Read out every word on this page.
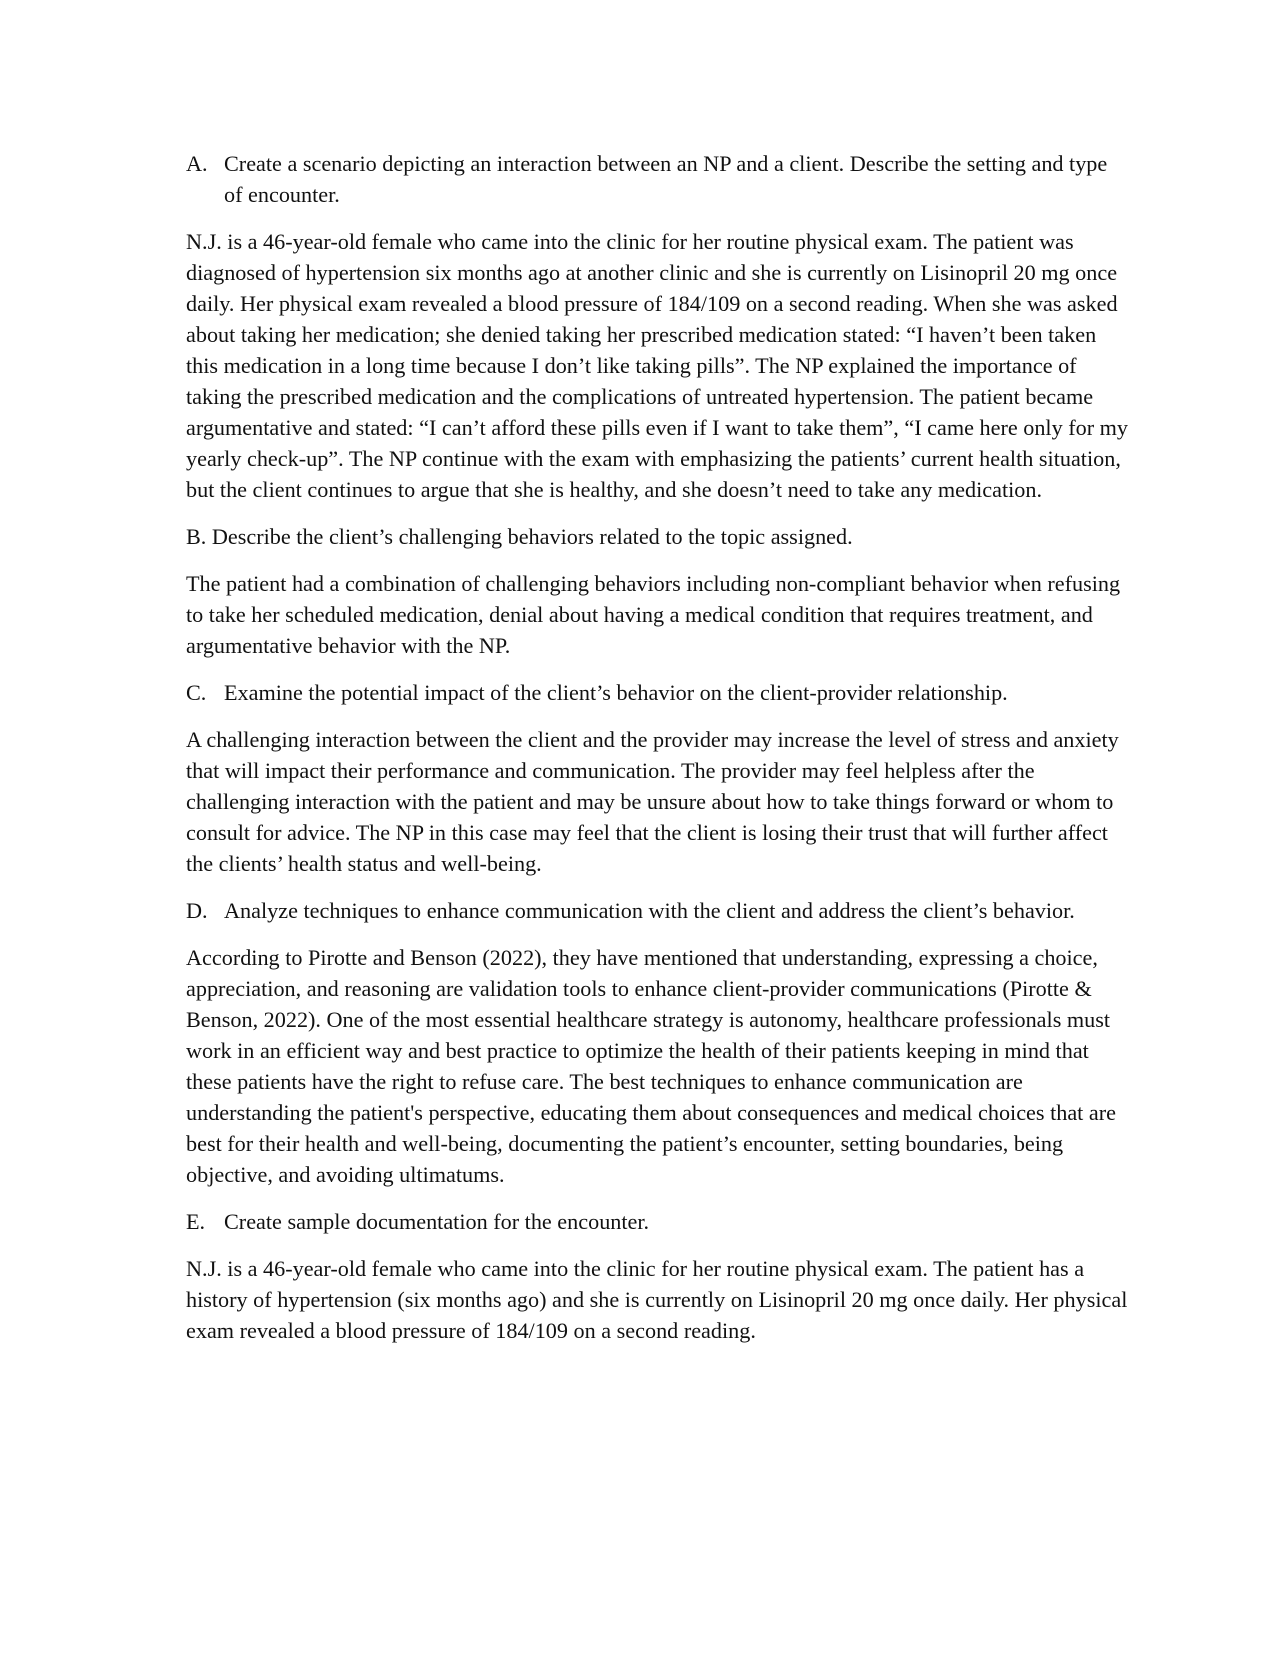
A. Create a scenario depicting an interaction between an NP and a client. Describe the setting and type of encounter.

N.J. is a 46-year-old female who came into the clinic for her routine physical exam. The patient was diagnosed of hypertension six months ago at another clinic and she is currently on Lisinopril 20 mg once daily. Her physical exam revealed a blood pressure of 184/109 on a second reading. When she was asked about taking her medication; she denied taking her prescribed medication stated: “I haven’t been taken this medication in a long time because I don’t like taking pills”. The NP explained the importance of taking the prescribed medication and the complications of untreated hypertension. The patient became argumentative and stated: “I can’t afford these pills even if I want to take them”, “I came here only for my yearly check-up”. The NP continue with the exam with emphasizing the patients’ current health situation, but the client continues to argue that she is healthy, and she doesn’t need to take any medication.

B. Describe the client’s challenging behaviors related to the topic assigned.

The patient had a combination of challenging behaviors including non-compliant behavior when refusing to take her scheduled medication, denial about having a medical condition that requires treatment, and argumentative behavior with the NP.

C. Examine the potential impact of the client’s behavior on the client-provider relationship.

A challenging interaction between the client and the provider may increase the level of stress and anxiety that will impact their performance and communication. The provider may feel helpless after the challenging interaction with the patient and may be unsure about how to take things forward or whom to consult for advice. The NP in this case may feel that the client is losing their trust that will further affect the clients’ health status and well-being.

D. Analyze techniques to enhance communication with the client and address the client’s behavior.

According to Pirotte and Benson (2022), they have mentioned that understanding, expressing a choice, appreciation, and reasoning are validation tools to enhance client-provider communications (Pirotte & Benson, 2022). One of the most essential healthcare strategy is autonomy, healthcare professionals must work in an efficient way and best practice to optimize the health of their patients keeping in mind that these patients have the right to refuse care. The best techniques to enhance communication are understanding the patient's perspective, educating them about consequences and medical choices that are best for their health and well-being, documenting the patient’s encounter, setting boundaries, being objective, and avoiding ultimatums.

E. Create sample documentation for the encounter.

N.J. is a 46-year-old female who came into the clinic for her routine physical exam. The patient has a history of hypertension (six months ago) and she is currently on Lisinopril 20 mg once daily. Her physical exam revealed a blood pressure of 184/109 on a second reading.
